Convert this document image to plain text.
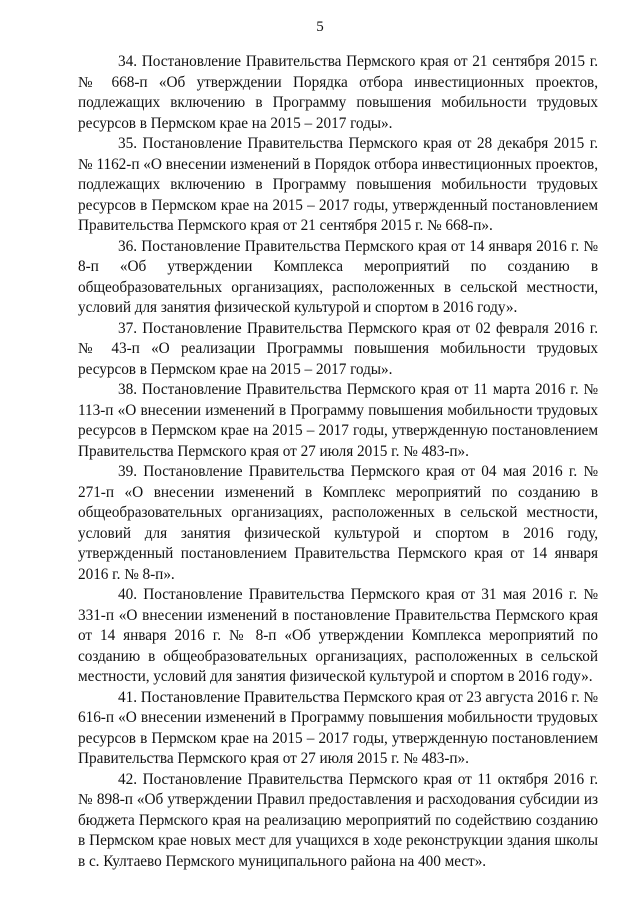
5

34. Постановление Правительства Пермского края от 21 сентября 2015 г. № 668-п «Об утверждении Порядка отбора инвестиционных проектов, подлежащих включению в Программу повышения мобильности трудовых ресурсов в Пермском крае на 2015 – 2017 годы».

35. Постановление Правительства Пермского края от 28 декабря 2015 г. № 1162-п «О внесении изменений в Порядок отбора инвестиционных проектов, подлежащих включению в Программу повышения мобильности трудовых ресурсов в Пермском крае на 2015 – 2017 годы, утвержденный постановлением Правительства Пермского края от 21 сентября 2015 г. № 668-п».

36. Постановление Правительства Пермского края от 14 января 2016 г. № 8-п «Об утверждении Комплекса мероприятий по созданию в общеобразовательных организациях, расположенных в сельской местности, условий для занятия физической культурой и спортом в 2016 году».

37. Постановление Правительства Пермского края от 02 февраля 2016 г. № 43-п «О реализации Программы повышения мобильности трудовых ресурсов в Пермском крае на 2015 – 2017 годы».

38. Постановление Правительства Пермского края от 11 марта 2016 г. № 113-п «О внесении изменений в Программу повышения мобильности трудовых ресурсов в Пермском крае на 2015 – 2017 годы, утвержденную постановлением Правительства Пермского края от 27 июля 2015 г. № 483-п».

39. Постановление Правительства Пермского края от 04 мая 2016 г. № 271-п «О внесении изменений в Комплекс мероприятий по созданию в общеобразовательных организациях, расположенных в сельской местности, условий для занятия физической культурой и спортом в 2016 году, утвержденный постановлением Правительства Пермского края от 14 января 2016 г. № 8-п».

40. Постановление Правительства Пермского края от 31 мая 2016 г. № 331-п «О внесении изменений в постановление Правительства Пермского края от 14 января 2016 г. № 8-п «Об утверждении Комплекса мероприятий по созданию в общеобразовательных организациях, расположенных в сельской местности, условий для занятия физической культурой и спортом в 2016 году».

41. Постановление Правительства Пермского края от 23 августа 2016 г. № 616-п «О внесении изменений в Программу повышения мобильности трудовых ресурсов в Пермском крае на 2015 – 2017 годы, утвержденную постановлением Правительства Пермского края от 27 июля 2015 г. № 483-п».

42. Постановление Правительства Пермского края от 11 октября 2016 г. № 898-п «Об утверждении Правил предоставления и расходования субсидии из бюджета Пермского края на реализацию мероприятий по содействию созданию в Пермском крае новых мест для учащихся в ходе реконструкции здания школы в с. Култаево Пермского муниципального района на 400 мест».
